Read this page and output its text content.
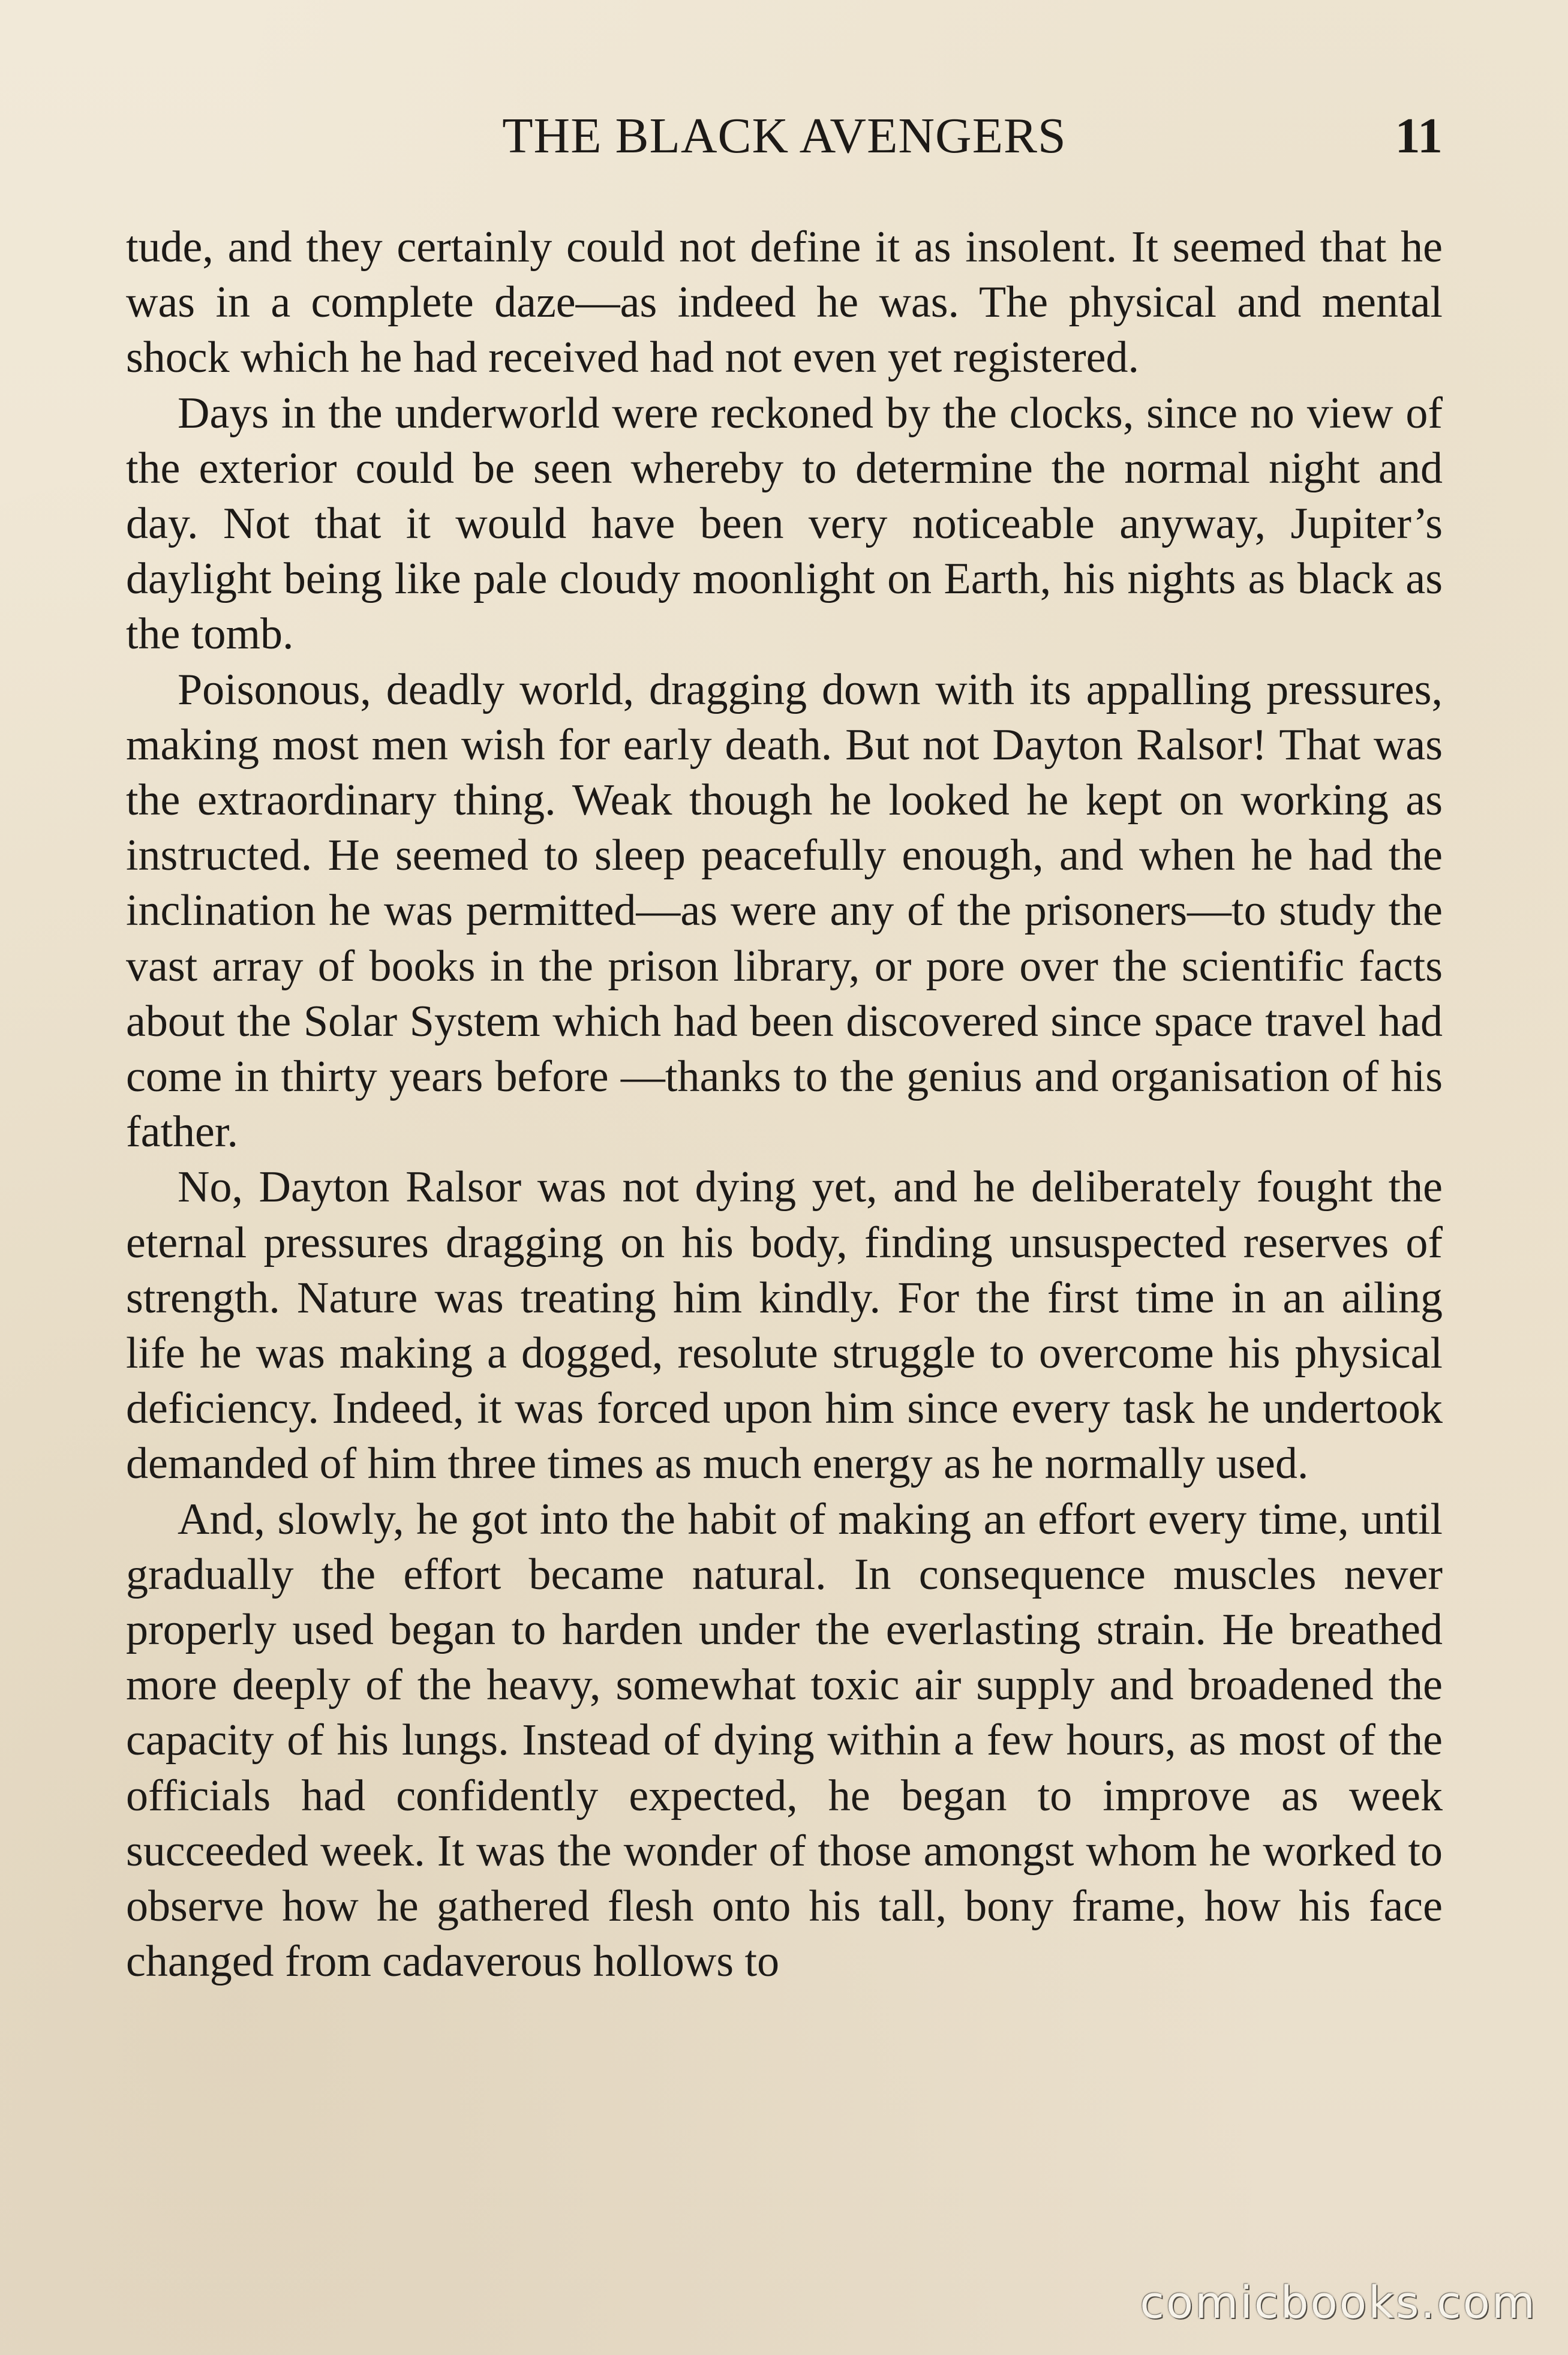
THE BLACK AVENGERS	11

tude, and they certainly could not define it as insolent. It seemed that he was in a complete daze—as indeed he was. The physical and mental shock which he had received had not even yet registered.

Days in the underworld were reckoned by the clocks, since no view of the exterior could be seen whereby to determine the normal night and day. Not that it would have been very noticeable anyway, Jupiter’s daylight being like pale cloudy moonlight on Earth, his nights as black as the tomb.

Poisonous, deadly world, dragging down with its appalling pressures, making most men wish for early death. But not Dayton Ralsor! That was the extraordinary thing. Weak though he looked he kept on working as instructed. He seemed to sleep peacefully enough, and when he had the inclination he was permitted—as were any of the prisoners—to study the vast array of books in the prison library, or pore over the scientific facts about the Solar System which had been discovered since space travel had come in thirty years before —thanks to the genius and organisation of his father.

No, Dayton Ralsor was not dying yet, and he deliberately fought the eternal pressures dragging on his body, finding unsuspected reserves of strength. Nature was treating him kindly. For the first time in an ailing life he was making a dogged, resolute struggle to overcome his physical deficiency. Indeed, it was forced upon him since every task he undertook demanded of him three times as much energy as he normally used.

And, slowly, he got into the habit of making an effort every time, until gradually the effort became natural. In consequence muscles never properly used began to harden under the everlasting strain. He breathed more deeply of the heavy, somewhat toxic air supply and broadened the capacity of his lungs. Instead of dying within a few hours, as most of the officials had confidently expected, he began to improve as week succeeded week. It was the wonder of those amongst whom he worked to observe how he gathered flesh onto his tall, bony frame, how his face changed from cadaverous hollows to

comicbooks.com
